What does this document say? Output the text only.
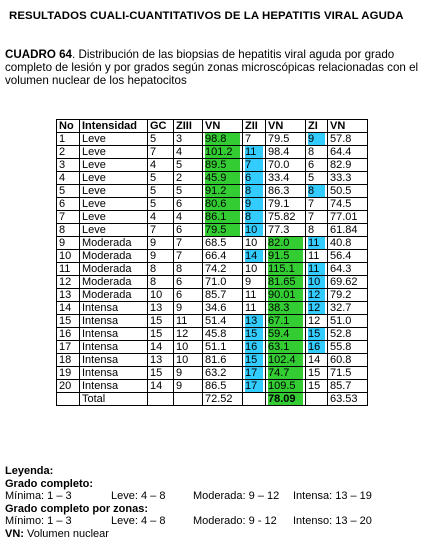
RESULTADOS CUALI-CUANTITATIVOS DE LA HEPATITIS VIRAL AGUDA
CUADRO 64. Distribución de las biopsias de hepatitis viral aguda por grado completo de lesión y por grados según zonas microscópicas relacionadas con el volumen nuclear de los hepatocitos
No	Intensidad	GC	ZIII	VN	ZII	VN	ZI	VN
1	Leve	5	3	98.8	7	79.5	9	57.8
2	Leve	7	4	101.2	11	98.4	8	64.4
3	Leve	4	5	89.5	7	70.0	6	82.9
4	Leve	5	2	45.9	6	33.4	5	33.3
5	Leve	5	5	91.2	8	86.3	8	50.5
6	Leve	5	6	80.6	9	79.1	7	74.5
7	Leve	4	4	86.1	8	75.82	7	77.01
8	Leve	7	6	79.5	10	77.3	8	61.84
9	Moderada	9	7	68.5	10	82.0	11	40.8
10	Moderada	9	7	66.4	14	91.5	11	56.4
11	Moderada	8	8	74.2	10	115.1	11	64.3
12	Moderada	8	6	71.0	9	81.65	10	69.62
13	Moderada	10	6	85.7	11	90.01	12	79.2
14	Intensa	13	9	34.6	11	38.3	12	32.7
15	Intensa	15	11	51.4	13	67.1	12	51.0
16	Intensa	15	12	45.8	15	59.4	15	52.8
17	Intensa	14	10	51.1	16	63.1	16	55.8
18	Intensa	13	10	81.6	15	102.4	14	60.8
19	Intensa	15	9	63.2	17	74.7	15	71.5
20	Intensa	14	9	86.5	17	109.5	15	85.7
	Total			72.52		78.09		63.53
Leyenda:
Grado completo:
Mínima: 1 – 3	Leve: 4 – 8	Moderada: 9 – 12 Intensa: 13 – 19
Grado completo por zonas:
Mínimo: 1 – 3	Leve: 4 – 8	Moderado: 9 - 12 Intenso: 13 – 20
VN: Volumen nuclear
